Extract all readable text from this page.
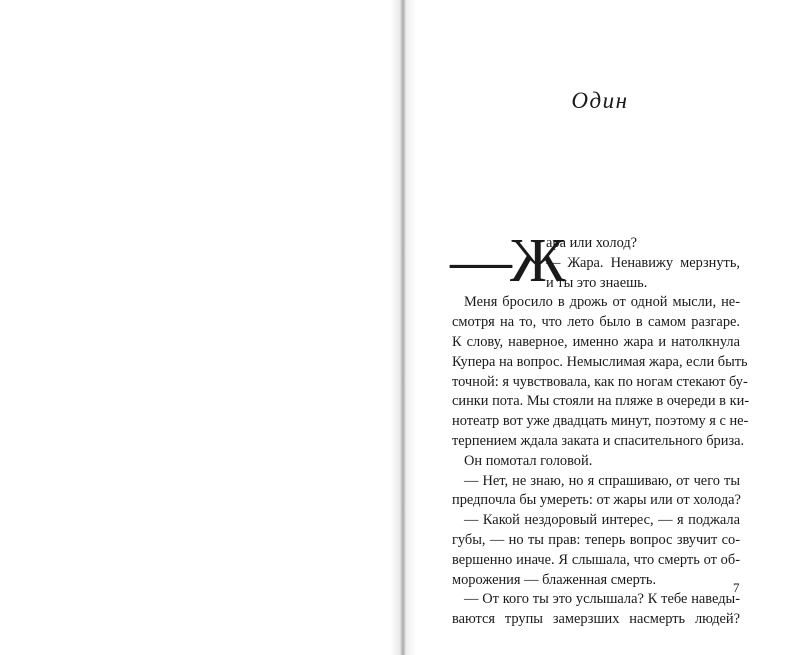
Один
—Ж
ара или холод?
— Жара. Ненавижу мерзнуть,
и ты это знаешь.
Меня бросило в дрожь от одной мысли, не-
смотря на то, что лето было в самом разгаре.
К слову, наверное, именно жара и натолкнула
Купера на вопрос. Немыслимая жара, если быть
точной: я чувствовала, как по ногам стекают бу-
синки пота. Мы стояли на пляже в очереди в ки-
нотеатр вот уже двадцать минут, поэтому я с не-
терпением ждала заката и спасительного бриза.
Он помотал головой.
— Нет, не знаю, но я спрашиваю, от чего ты
предпочла бы умереть: от жары или от холода?
— Какой нездоровый интерес, — я поджала
губы, — но ты прав: теперь вопрос звучит со-
вершенно иначе. Я слышала, что смерть от об-
морожения — блаженная смерть.
— От кого ты это услышала? К тебе наведы-
ваются трупы замерзших насмерть людей?
7
